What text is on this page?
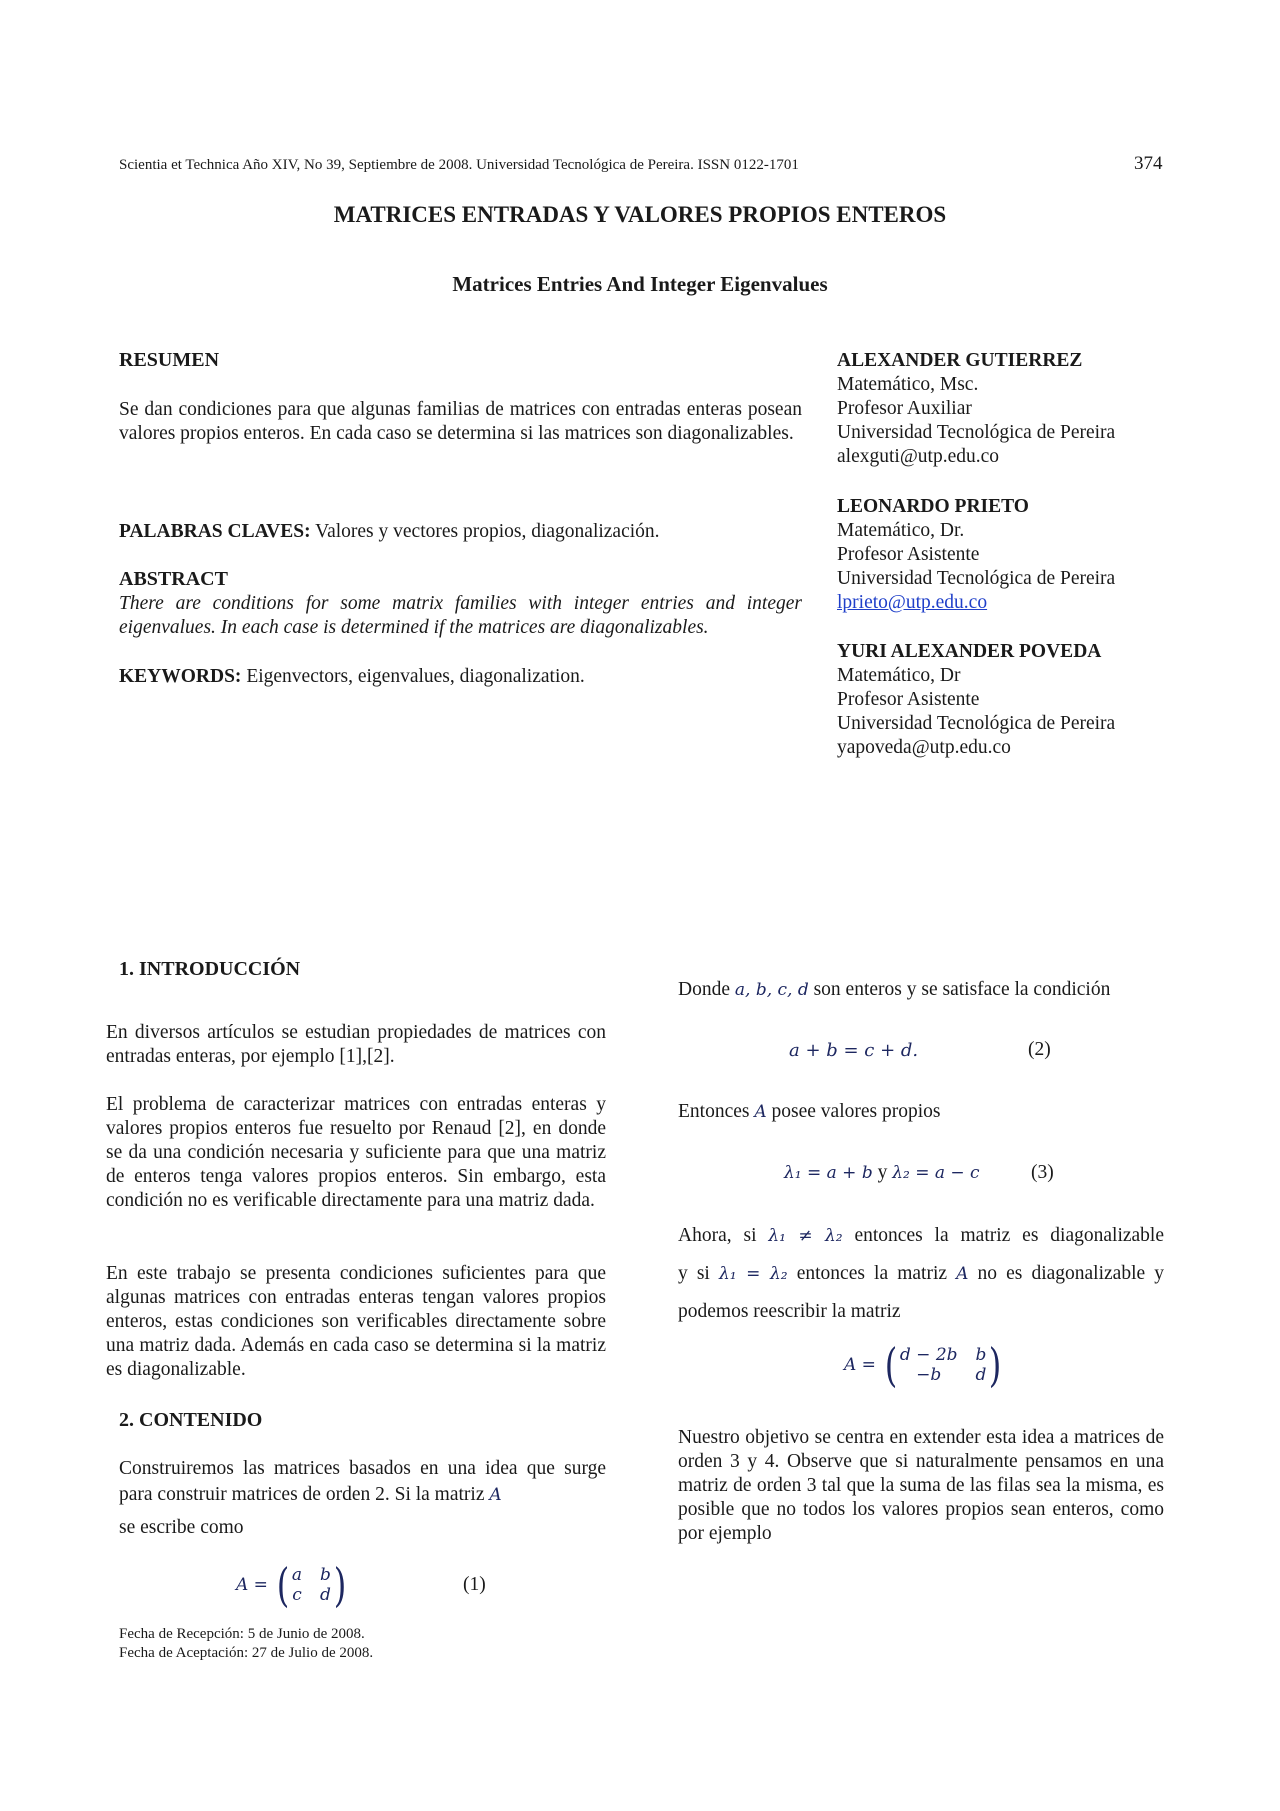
Scientia et Technica Año XIV, No 39, Septiembre de 2008. Universidad Tecnológica de Pereira. ISSN 0122-1701	374
MATRICES ENTRADAS Y VALORES PROPIOS ENTEROS
Matrices Entries And Integer Eigenvalues
RESUMEN
Se dan condiciones para que algunas familias de matrices con entradas enteras posean valores propios enteros. En cada caso se determina si las matrices son diagonalizables.
PALABRAS CLAVES: Valores y vectores propios, diagonalización.
ABSTRACT
There are conditions for some matrix families with integer entries and integer eigenvalues. In each case is determined if the matrices are diagonalizables.
KEYWORDS: Eigenvectors, eigenvalues, diagonalization.
ALEXANDER GUTIERREZ
Matemático, Msc.
Profesor Auxiliar
Universidad Tecnológica de Pereira
alexguti@utp.edu.co
LEONARDO PRIETO
Matemático, Dr.
Profesor Asistente
Universidad Tecnológica de Pereira
lprieto@utp.edu.co
YURI ALEXANDER POVEDA
Matemático, Dr
Profesor Asistente
Universidad Tecnológica de Pereira
yapoveda@utp.edu.co
1. INTRODUCCIÓN
En diversos artículos se estudian propiedades de matrices con entradas enteras, por ejemplo [1],[2].
El problema de caracterizar matrices con entradas enteras y valores propios enteros fue resuelto por Renaud [2], en donde se da una condición necesaria y suficiente para que una matriz de enteros tenga valores propios enteros. Sin embargo, esta condición no es verificable directamente para una matriz dada.
En este trabajo se presenta condiciones suficientes para que algunas matrices con entradas enteras tengan valores propios enteros, estas condiciones son verificables directamente sobre una matriz dada. Además en cada caso se determina si la matriz es diagonalizable.
2. CONTENIDO
Construiremos las matrices basados en una idea que surge para construir matrices de orden 2. Si la matriz A
se escribe como
A = ( a b
c d )	(1)
Fecha de Recepción: 5 de Junio de 2008.
Fecha de Aceptación: 27 de Julio de 2008.
Donde a, b, c, d son enteros y se satisface la condición
a + b = c + d.	(2)
Entonces A posee valores propios
λ₁ = a + b y λ₂ = a − c	(3)
Ahora, si λ₁ ≠ λ₂ entonces la matriz es diagonalizable
y si λ₁ = λ₂ entonces la matriz A no es diagonalizable y
podemos reescribir la matriz
A = ( d − 2b b
−b	d )
Nuestro objetivo se centra en extender esta idea a matrices de orden 3 y 4. Observe que si naturalmente pensamos en una matriz de orden 3 tal que la suma de las filas sea la misma, es posible que no todos los valores propios sean enteros, como por ejemplo
